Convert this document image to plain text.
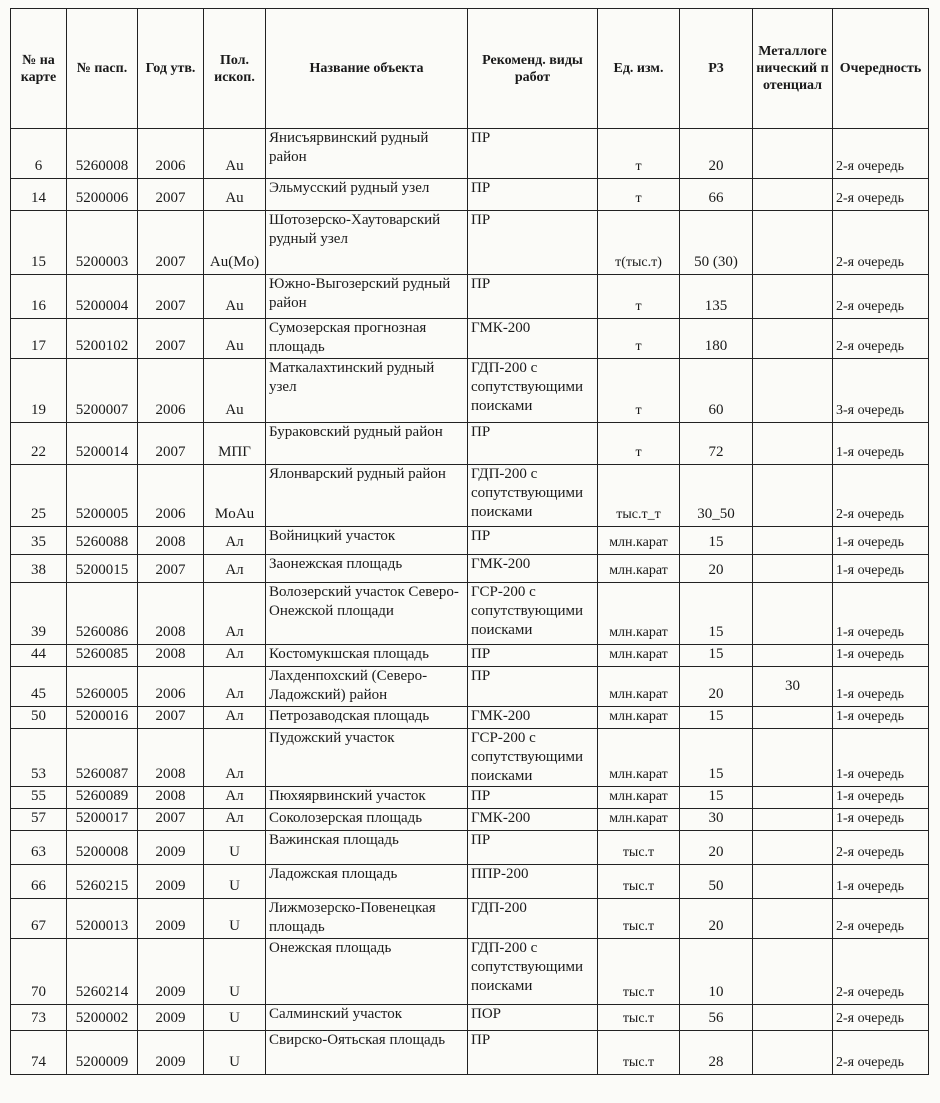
№ на карте	№ пасп.	Год утв.	Пол. ископ.	Название объекта	Рекоменд. виды работ	Ед. изм.	Р3	Металлогенический потенциал	Очередность
6	5260008	2006	Au	Янисъярвинский рудный район	ПР	т	20		2-я очередь
14	5200006	2007	Au	Эльмусский рудный узел	ПР	т	66		2-я очередь
15	5200003	2007	Au(Mo)	Шотозерско-Хаутоварский рудный узел	ПР	т(тыс.т)	50 (30)		2-я очередь
16	5200004	2007	Au	Южно-Выгозерский рудный район	ПР	т	135		2-я очередь
17	5200102	2007	Au	Сумозерская прогнозная площадь	ГМК-200	т	180		2-я очередь
19	5200007	2006	Au	Маткалахтинский рудный узел	ГДП-200 с сопутствующими поисками	т	60		3-я очередь
22	5200014	2007	МПГ	Бураковский рудный район	ПР	т	72		1-я очередь
25	5200005	2006	MoAu	Ялонварский рудный район	ГДП-200 с сопутствующими поисками	тыс.т_т	30_50		2-я очередь
35	5260088	2008	Ал	Войницкий участок	ПР	млн.карат	15		1-я очередь
38	5200015	2007	Ал	Заонежская площадь	ГМК-200	млн.карат	20		1-я очередь
39	5260086	2008	Ал	Волозерский участок Северо-Онежской площади	ГСР-200 с сопутствующими поисками	млн.карат	15		1-я очередь
44	5260085	2008	Ал	Костомукшская площадь	ПР	млн.карат	15		1-я очередь
45	5260005	2006	Ал	Лахденпохский (Северо-Ладожский) район	ПР	млн.карат	20	30	1-я очередь
50	5200016	2007	Ал	Петрозаводская площадь	ГМК-200	млн.карат	15		1-я очередь
53	5260087	2008	Ал	Пудожский участок	ГСР-200 с сопутствующими поисками	млн.карат	15		1-я очередь
55	5260089	2008	Ал	Пюхяярвинский участок	ПР	млн.карат	15		1-я очередь
57	5200017	2007	Ал	Соколозерская площадь	ГМК-200	млн.карат	30		1-я очередь
63	5200008	2009	U	Важинская площадь	ПР	тыс.т	20		2-я очередь
66	5260215	2009	U	Ладожская площадь	ППР-200	тыс.т	50		1-я очередь
67	5200013	2009	U	Лижмозерско-Повенецкая площадь	ГДП-200	тыс.т	20		2-я очередь
70	5260214	2009	U	Онежская площадь	ГДП-200 с сопутствующими поисками	тыс.т	10		2-я очередь
73	5200002	2009	U	Салминский участок	ПОР	тыс.т	56		2-я очередь
74	5200009	2009	U	Свирско-Оятьская площадь	ПР	тыс.т	28		2-я очередь
